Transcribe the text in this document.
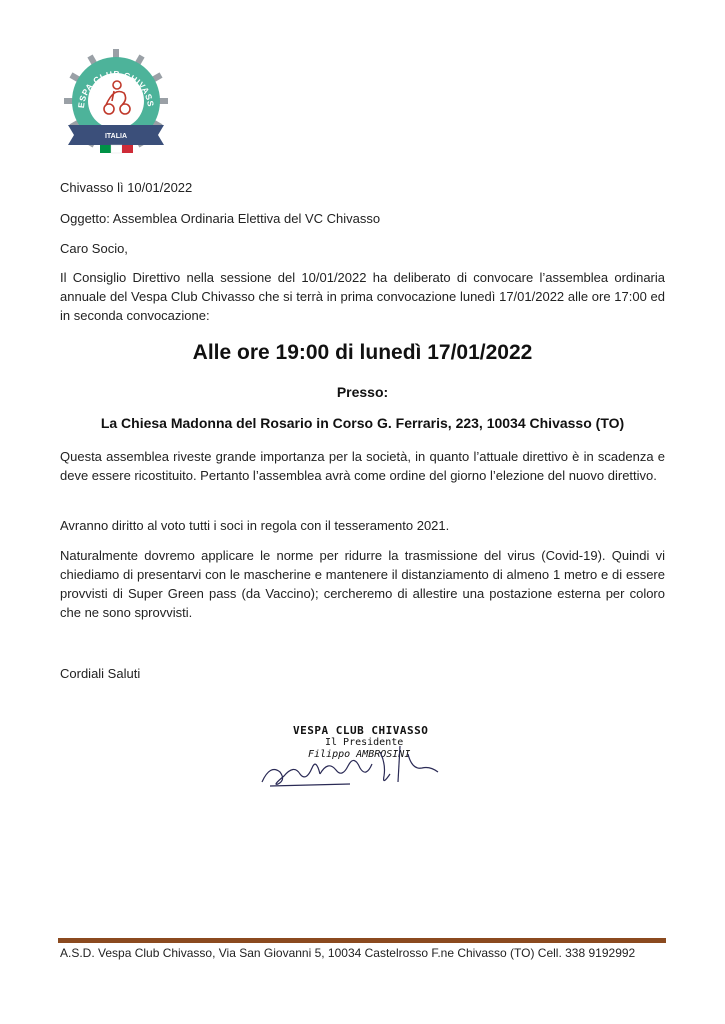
ESPA CLUB CHIVASS
ITALIA
Chivasso lì 10/01/2022
Oggetto: Assemblea Ordinaria Elettiva del VC Chivasso
Caro Socio,
Il Consiglio Direttivo nella sessione del 10/01/2022 ha deliberato di convocare l’assemblea ordinaria annuale del Vespa Club Chivasso che si terrà in prima convocazione lunedì 17/01/2022 alle ore 17:00 ed in seconda convocazione:
Alle ore 19:00 di lunedì 17/01/2022
Presso:
La Chiesa Madonna del Rosario in Corso G. Ferraris, 223, 10034 Chivasso (TO)
Questa assemblea riveste grande importanza per la società, in quanto l’attuale direttivo è in scadenza e deve essere ricostituito. Pertanto l’assemblea avrà come ordine del giorno l’elezione del nuovo direttivo.
Avranno diritto al voto tutti i soci in regola con il tesseramento 2021.
Naturalmente dovremo applicare le norme per ridurre la trasmissione del virus (Covid-19). Quindi vi chiediamo di presentarvi con le mascherine e mantenere il distanziamento di almeno 1 metro e di essere provvisti di Super Green pass (da Vaccino); cercheremo di allestire una postazione esterna per coloro che ne sono sprovvisti.
Cordiali Saluti
VESPA CLUB CHIVASSO
Il Presidente
Filippo AMBROSINI
A.S.D. Vespa Club Chivasso, Via San Giovanni 5, 10034 Castelrosso F.ne Chivasso (TO) Cell. 338 9192992
